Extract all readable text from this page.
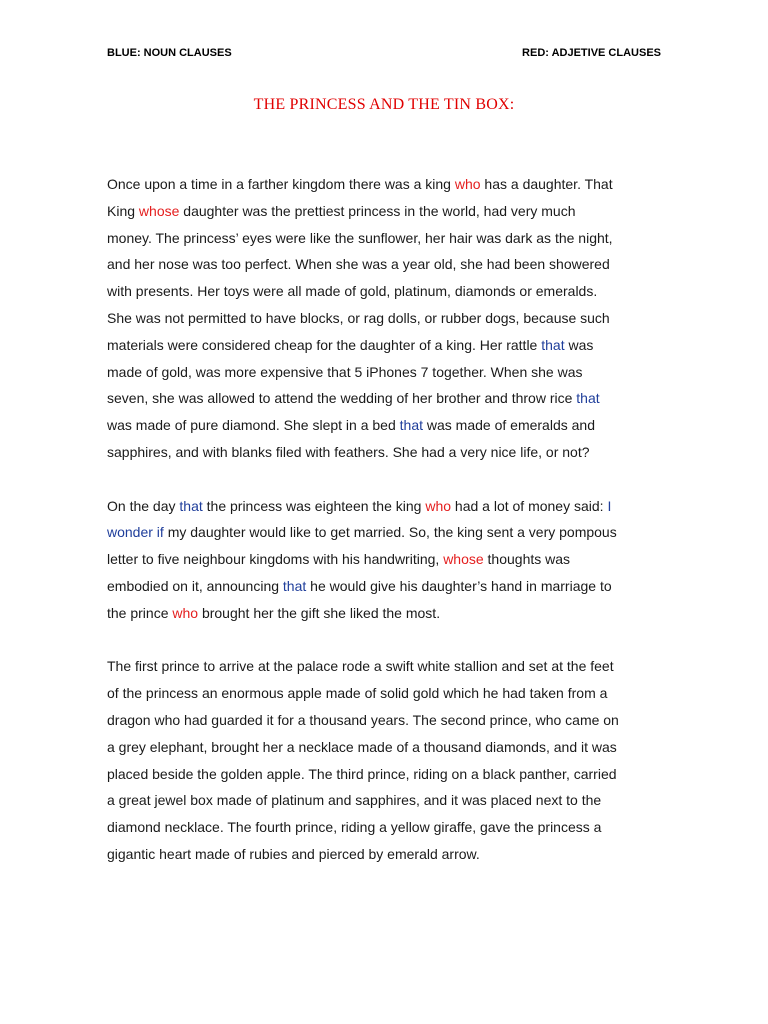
BLUE: NOUN CLAUSES	RED: ADJETIVE CLAUSES
THE PRINCESS AND THE TIN BOX:

Once upon a time in a farther kingdom there was a king who has a daughter. That
King whose daughter was the prettiest princess in the world, had very much
money. The princess’ eyes were like the sunflower, her hair was dark as the night,
and her nose was too perfect. When she was a year old, she had been showered
with presents. Her toys were all made of gold, platinum, diamonds or emeralds.
She was not permitted to have blocks, or rag dolls, or rubber dogs, because such
materials were considered cheap for the daughter of a king. Her rattle that was
made of gold, was more expensive that 5 iPhones 7 together. When she was
seven, she was allowed to attend the wedding of her brother and throw rice that
was made of pure diamond. She slept in a bed that was made of emeralds and
sapphires, and with blanks filed with feathers. She had a very nice life, or not?

On the day that the princess was eighteen the king who had a lot of money said: I
wonder if my daughter would like to get married. So, the king sent a very pompous
letter to five neighbour kingdoms with his handwriting, whose thoughts was
embodied on it, announcing that he would give his daughter’s hand in marriage to
the prince who brought her the gift she liked the most.

The first prince to arrive at the palace rode a swift white stallion and set at the feet
of the princess an enormous apple made of solid gold which he had taken from a
dragon who had guarded it for a thousand years. The second prince, who came on
a grey elephant, brought her a necklace made of a thousand diamonds, and it was
placed beside the golden apple. The third prince, riding on a black panther, carried
a great jewel box made of platinum and sapphires, and it was placed next to the
diamond necklace. The fourth prince, riding a yellow giraffe, gave the princess a
gigantic heart made of rubies and pierced by emerald arrow.
